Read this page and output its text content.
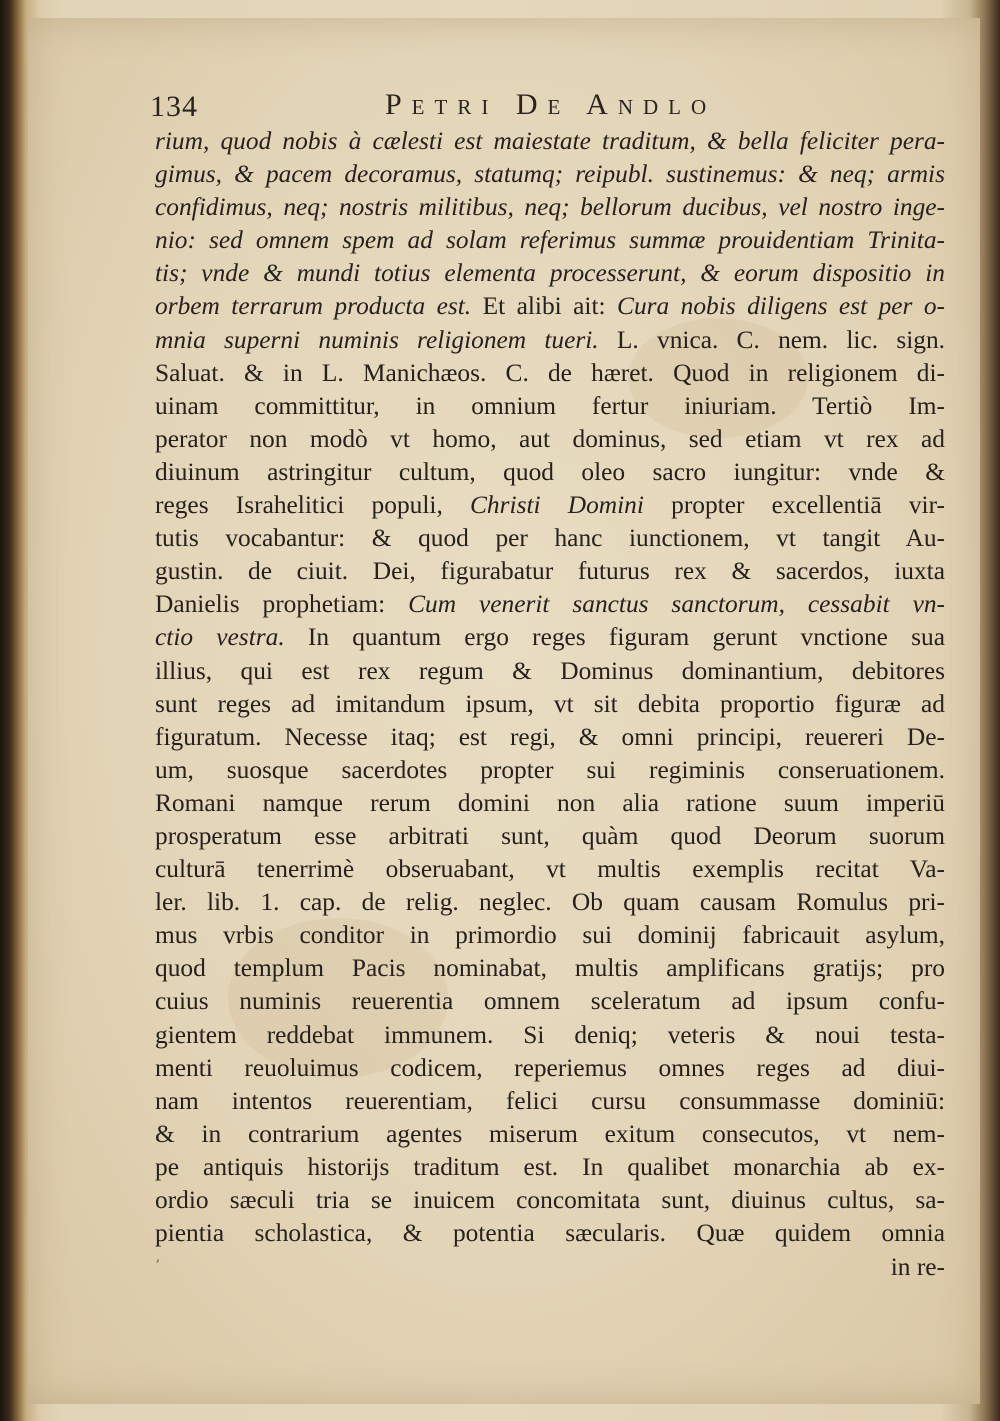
134	Petri De Andlo
rium, quod nobis à cælesti est maiestate traditum, & bella feliciter pera-
gimus, & pacem decoramus, statumq; reipubl. sustinemus: & neq; armis
confidimus, neq; nostris militibus, neq; bellorum ducibus, vel nostro inge-
nio: sed omnem spem ad solam referimus summæ prouidentiam Trinita-
tis; vnde & mundi totius elementa processerunt, & eorum dispositio in
orbem terrarum producta est. Et alibi ait: Cura nobis diligens est per o-
mnia superni numinis religionem tueri. L. vnica. C. nem. lic. sign.
Saluat. & in L. Manichæos. C. de hæret. Quod in religionem di-
uinam committitur, in omnium fertur iniuriam. Tertiò Im-
perator non modò vt homo, aut dominus, sed etiam vt rex ad
diuinum astringitur cultum, quod oleo sacro iungitur: vnde &
reges Israhelitici populi, Christi Domini propter excellentiā vir-
tutis vocabantur: & quod per hanc iunctionem, vt tangit Au-
gustin. de ciuit. Dei, figurabatur futurus rex & sacerdos, iuxta
Danielis prophetiam: Cum venerit sanctus sanctorum, cessabit vn-
ctio vestra. In quantum ergo reges figuram gerunt vnctione sua
illius, qui est rex regum & Dominus dominantium, debitores
sunt reges ad imitandum ipsum, vt sit debita proportio figuræ ad
figuratum. Necesse itaq; est regi, & omni principi, reuereri De-
um, suosque sacerdotes propter sui regiminis conseruationem.
Romani namque rerum domini non alia ratione suum imperiū
prosperatum esse arbitrati sunt, quàm quod Deorum suorum
culturā tenerrimè obseruabant, vt multis exemplis recitat Va-
ler. lib. 1. cap. de relig. neglec. Ob quam causam Romulus pri-
mus vrbis conditor in primordio sui dominij fabricauit asylum,
quod templum Pacis nominabat, multis amplificans gratijs; pro
cuius numinis reuerentia omnem sceleratum ad ipsum confu-
gientem reddebat immunem. Si deniq; veteris & noui testa-
menti reuoluimus codicem, reperiemus omnes reges ad diui-
nam intentos reuerentiam, felici cursu consummasse dominiū:
& in contrarium agentes miserum exitum consecutos, vt nem-
pe antiquis historijs traditum est. In qualibet monarchia ab ex-
ordio sæculi tria se inuicem concomitata sunt, diuinus cultus, sa-
pientia scholastica, & potentia sæcularis. Quæ quidem omnia
ʼ	in re-
